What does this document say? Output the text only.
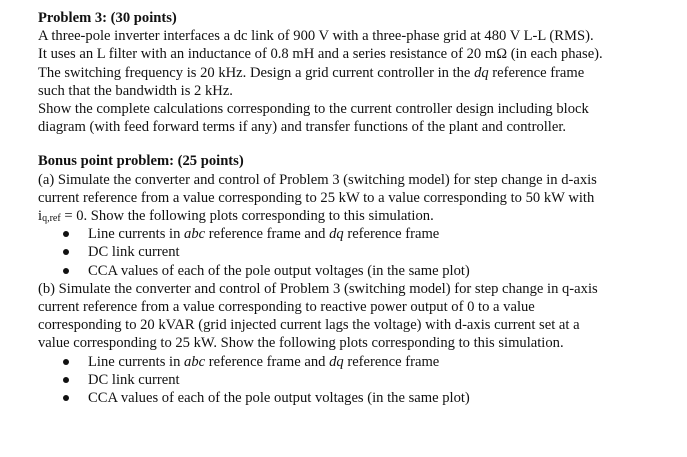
Problem 3: (30 points)
A three-pole inverter interfaces a dc link of 900 V with a three-phase grid at 480 V L-L (RMS).
It uses an L filter with an inductance of 0.8 mH and a series resistance of 20 mΩ (in each phase).
The switching frequency is 20 kHz. Design a grid current controller in the dq reference frame
such that the bandwidth is 2 kHz.
Show the complete calculations corresponding to the current controller design including block
diagram (with feed forward terms if any) and transfer functions of the plant and controller.
Bonus point problem: (25 points)
(a) Simulate the converter and control of Problem 3 (switching model) for step change in d-axis
current reference from a value corresponding to 25 kW to a value corresponding to 50 kW with
$i_{q,ref} = 0$. Show the following plots corresponding to this simulation.
Line currents in abc reference frame and dq reference frame
DC link current
CCA values of each of the pole output voltages (in the same plot)
(b) Simulate the converter and control of Problem 3 (switching model) for step change in q-axis
current reference from a value corresponding to reactive power output of 0 to a value
corresponding to 20 kVAR (grid injected current lags the voltage) with d-axis current set at a
value corresponding to 25 kW. Show the following plots corresponding to this simulation.
Line currents in abc reference frame and dq reference frame
DC link current
CCA values of each of the pole output voltages (in the same plot)
